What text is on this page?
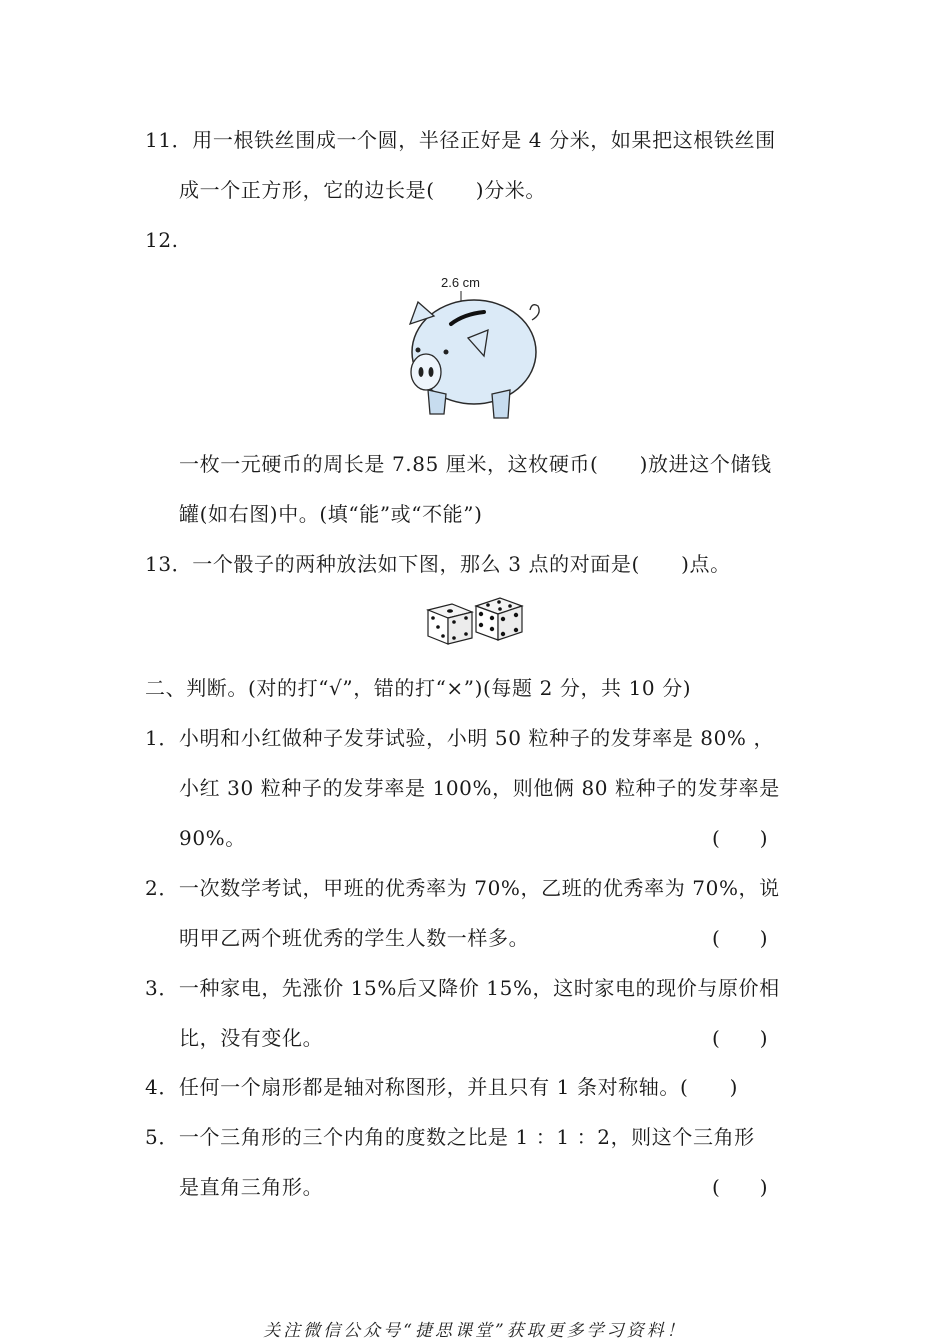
11．用一根铁丝围成一个圆，半径正好是 4 分米，如果把这根铁丝围
成一个正方形，它的边长是(　　)分米。
12.
2.6 cm
一枚一元硬币的周长是 7.85 厘米，这枚硬币(　　)放进这个储钱
罐(如右图)中。(填“能”或“不能”)
13．一个骰子的两种放法如下图，那么 3 点的对面是(　　)点。
二、判断。(对的打“√”，错的打“×”)(每题 2 分，共 10 分)
1．小明和小红做种子发芽试验，小明 50 粒种子的发芽率是 80% ，
小红 30 粒种子的发芽率是 100%，则他俩 80 粒种子的发芽率是
90%。	(　　)
2．一次数学考试，甲班的优秀率为 70%，乙班的优秀率为 70%，说
明甲乙两个班优秀的学生人数一样多。	(　　)
3．一种家电，先涨价 15%后又降价 15%，这时家电的现价与原价相
比，没有变化。	(　　)
4．任何一个扇形都是轴对称图形，并且只有 1 条对称轴。(　　)
5．一个三角形的三个内角的度数之比是 1 ：1 ：2，则这个三角形
是直角三角形。	(　　)
关注微信公众号“捷思课堂”获取更多学习资料！
